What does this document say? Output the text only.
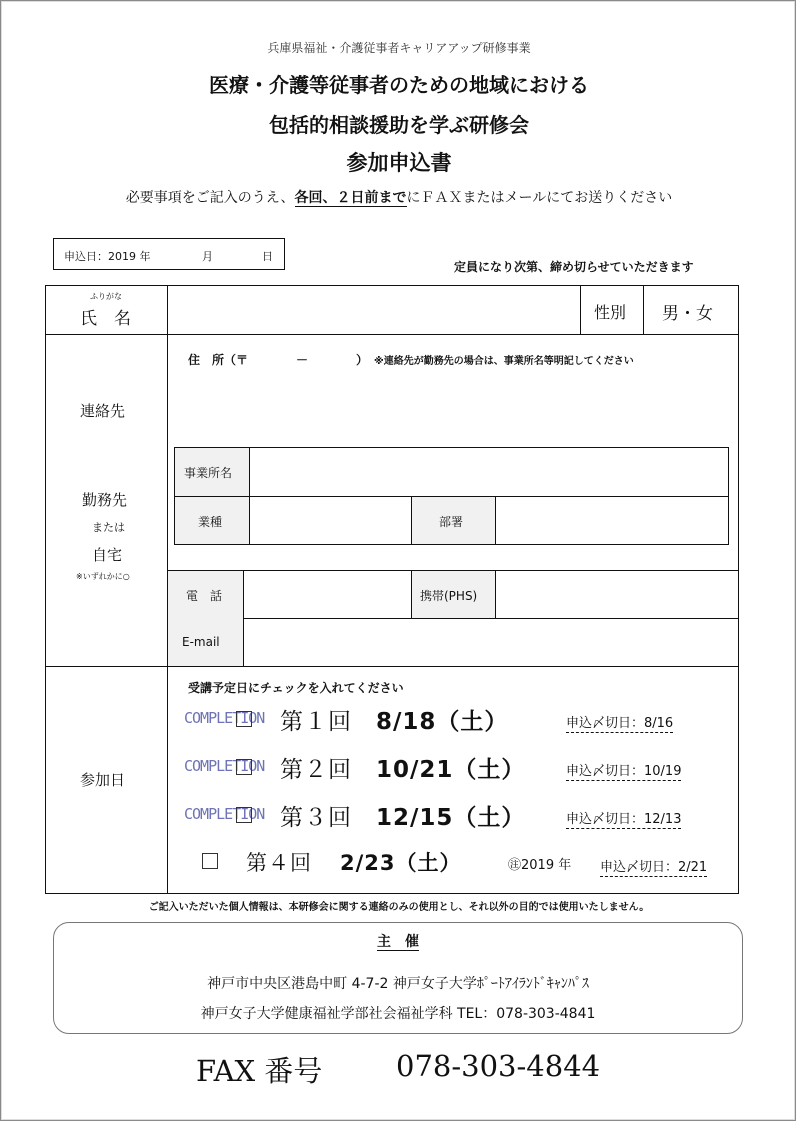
兵庫県福祉・介護従事者キャリアアップ研修事業
医療・介護等従事者のための地域における
包括的相談援助を学ぶ研修会
参加申込書
必要事項をご記入のうえ、各回、２日前までにＦＡＸまたはメールにてお送りください
申込日：2019 年	月	日
定員になり次第、締め切らせていただきます
ふりがな
氏　名	性別 男・女
連絡先
勤務先
または
自宅
※いずれかに○
住　所（〒　　　　－　　　　） ※連絡先が勤務先の場合は、事業所名等明記してください
事業所名
業種	部署
電　話	携帯(PHS)
E-mail
参加日
受講予定日にチェックを入れてください
COMPLETION 第１回 8/18（土）	申込〆切日：8/16
COMPLETION 第２回 10/21（土）	申込〆切日：10/19
COMPLETION 第３回 12/15（土）	申込〆切日：12/13
第４回 2/23（土）	㊟2019 年 申込〆切日：2/21
ご記入いただいた個人情報は、本研修会に関する連絡のみの使用とし、それ以外の目的では使用いたしません。
主　催
神戸市中央区港島中町 4-7-2 神戸女子大学ﾎﾟｰﾄｱｲﾗﾝﾄﾞｷｬﾝﾊﾟｽ
神戸女子大学健康福祉学部社会福祉学科 TEL：078-303-4841
FAX 番号	078-303-4844
